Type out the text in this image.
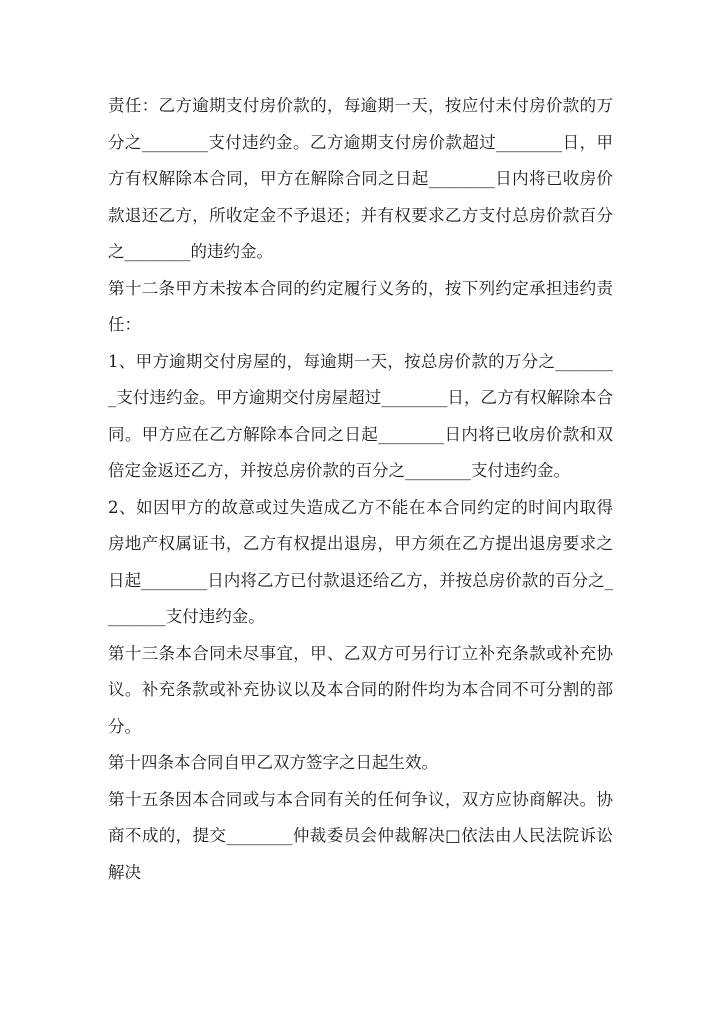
责任：乙方逾期支付房价款的，每逾期一天，按应付未付房价款的万分之________支付违约金。乙方逾期支付房价款超过________日，甲方有权解除本合同，甲方在解除合同之日起________日内将已收房价款退还乙方，所收定金不予退还；并有权要求乙方支付总房价款百分之________的违约金。

第十二条甲方未按本合同的约定履行义务的，按下列约定承担违约责任：

1、甲方逾期交付房屋的，每逾期一天，按总房价款的万分之________支付违约金。甲方逾期交付房屋超过________日，乙方有权解除本合同。甲方应在乙方解除本合同之日起________日内将已收房价款和双倍定金返还乙方，并按总房价款的百分之________支付违约金。

2、如因甲方的故意或过失造成乙方不能在本合同约定的时间内取得房地产权属证书，乙方有权提出退房，甲方须在乙方提出退房要求之日起________日内将乙方已付款退还给乙方，并按总房价款的百分之________支付违约金。

第十三条本合同未尽事宜，甲、乙双方可另行订立补充条款或补充协议。补充条款或补充协议以及本合同的附件均为本合同不可分割的部分。

第十四条本合同自甲乙双方签字之日起生效。

第十五条因本合同或与本合同有关的任何争议，双方应协商解决。协商不成的，提交________仲裁委员会仲裁解决□依法由人民法院诉讼解决
